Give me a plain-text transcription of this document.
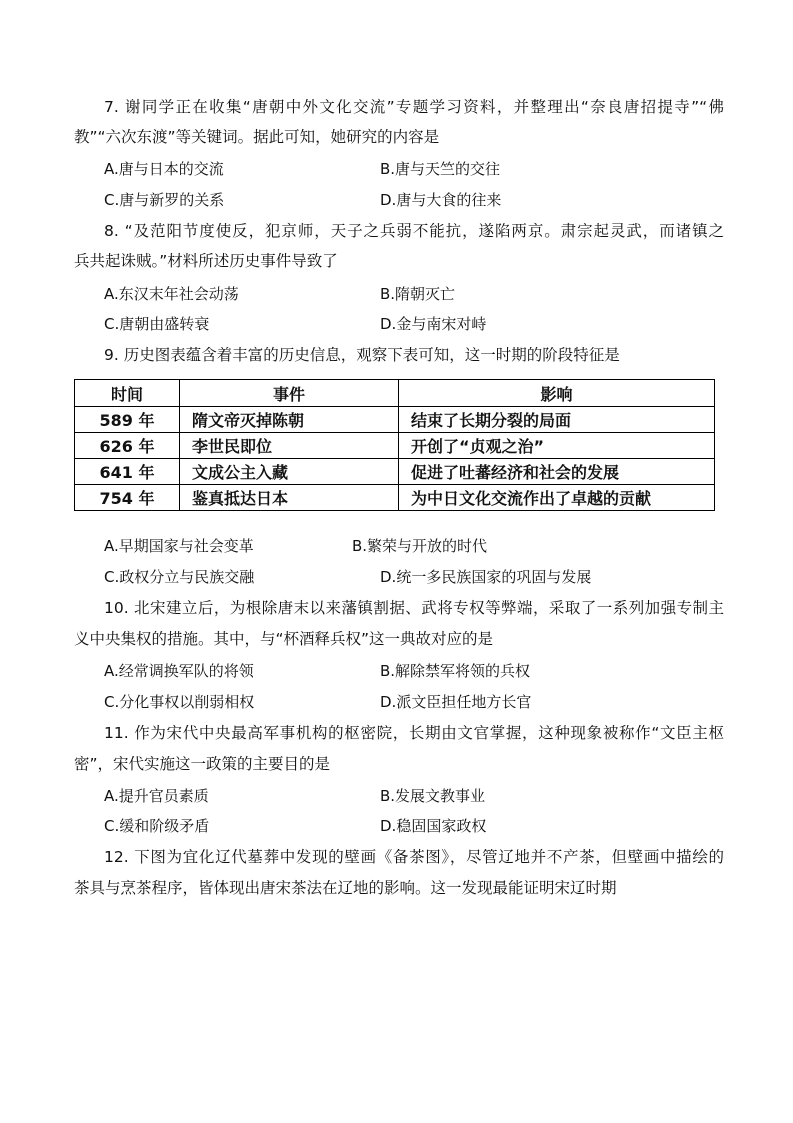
7. 谢同学正在收集“唐朝中外文化交流”专题学习资料，并整理出“奈良唐招提寺”“佛
教”“六次东渡”等关键词。据此可知，她研究的内容是
A.唐与日本的交流	B.唐与天竺的交往
C.唐与新罗的关系	D.唐与大食的往来
8. “及范阳节度使反，犯京师，天子之兵弱不能抗，遂陷两京。肃宗起灵武，而诸镇之
兵共起诛贼。”材料所述历史事件导致了
A.东汉末年社会动荡	B.隋朝灭亡
C.唐朝由盛转衰	D.金与南宋对峙
9. 历史图表蕴含着丰富的历史信息，观察下表可知，这一时期的阶段特征是
时间	事件	影响
589 年	隋文帝灭掉陈朝	结束了长期分裂的局面
626 年	李世民即位	开创了“贞观之治”
641 年	文成公主入藏	促进了吐蕃经济和社会的发展
754 年	鉴真抵达日本	为中日文化交流作出了卓越的贡献
A.早期国家与社会变革	B.繁荣与开放的时代
C.政权分立与民族交融	D.统一多民族国家的巩固与发展
10. 北宋建立后，为根除唐末以来藩镇割据、武将专权等弊端，采取了一系列加强专制主
义中央集权的措施。其中，与“杯酒释兵权”这一典故对应的是
A.经常调换军队的将领	B.解除禁军将领的兵权
C.分化事权以削弱相权	D.派文臣担任地方长官
11. 作为宋代中央最高军事机构的枢密院，长期由文官掌握，这种现象被称作“文臣主枢
密”，宋代实施这一政策的主要目的是
A.提升官员素质	B.发展文教事业
C.缓和阶级矛盾	D.稳固国家政权
12. 下图为宜化辽代墓葬中发现的壁画《备茶图》，尽管辽地并不产茶，但壁画中描绘的
茶具与烹茶程序，皆体现出唐宋茶法在辽地的影响。这一发现最能证明宋辽时期
